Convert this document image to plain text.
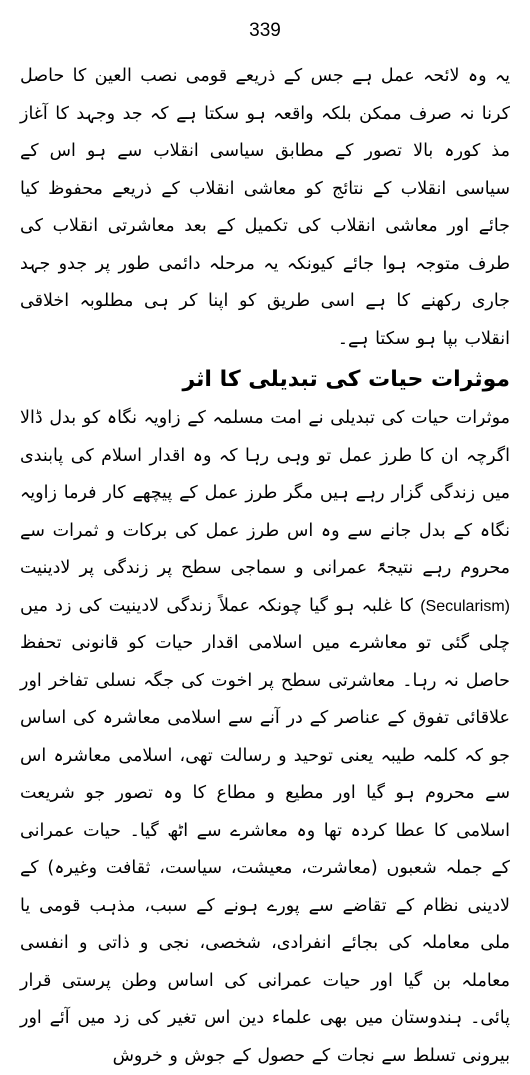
339

یہ وہ لائحہ عمل ہے جس کے ذریعے قومی نصب العین کا حاصل کرنا نہ صرف ممکن بلکہ واقعہ ہو سکتا ہے کہ جد وجہد کا آغاز مذ کورہ بالا تصور کے مطابق سیاسی انقلاب سے ہو اس کے سیاسی انقلاب کے نتائج کو معاشی انقلاب کے ذریعے محفوظ کیا جائے اور معاشی انقلاب کی تکمیل کے بعد معاشرتی انقلاب کی طرف متوجہ ہوا جائے کیونکہ یہ مرحلہ دائمی طور پر جدو جہد جاری رکھنے کا ہے اسی طریق کو اپنا کر ہی مطلوبہ اخلاقی انقلاب بپا ہو سکتا ہے۔

موثرات حیات کی تبدیلی کا اثر

موثرات حیات کی تبدیلی نے امت مسلمہ کے زاویہ نگاہ کو بدل ڈالا اگرچہ ان کا طرز عمل تو وہی رہا کہ وہ اقدار اسلام کی پابندی میں زندگی گزار رہے ہیں مگر طرز عمل کے پیچھے کار فرما زاویہ نگاہ کے بدل جانے سے وہ اس طرز عمل کی برکات و ثمرات سے محروم رہے نتیجۃً عمرانی و سماجی سطح پر زندگی پر لادینیت (Secularism) کا غلبہ ہو گیا چونکہ عملاً زندگی لادینیت کی زد میں چلی گئی تو معاشرے میں اسلامی اقدار حیات کو قانونی تحفظ حاصل نہ رہا۔ معاشرتی سطح پر اخوت کی جگہ نسلی تفاخر اور علاقائی تفوق کے عناصر کے در آنے سے اسلامی معاشرہ کی اساس جو کہ کلمہ طیبہ یعنی توحید و رسالت تھی، اسلامی معاشرہ اس سے محروم ہو گیا اور مطیع و مطاع کا وہ تصور جو شریعت اسلامی کا عطا کردہ تھا وہ معاشرے سے اٹھ گیا۔ حیات عمرانی کے جملہ شعبوں (معاشرت، معیشت، سیاست، ثقافت وغیرہ) کے لادینی نظام کے تقاضے سے پورے ہونے کے سبب، مذہب قومی یا ملی معاملہ کی بجائے انفرادی، شخصی، نجی و ذاتی و انفسی معاملہ بن گیا اور حیات عمرانی کی اساس وطن پرستی قرار پائی۔ ہندوستان میں بھی علماء دین اس تغیر کی زد میں آئے اور بیرونی تسلط سے نجات کے حصول کے جوش و خروش
